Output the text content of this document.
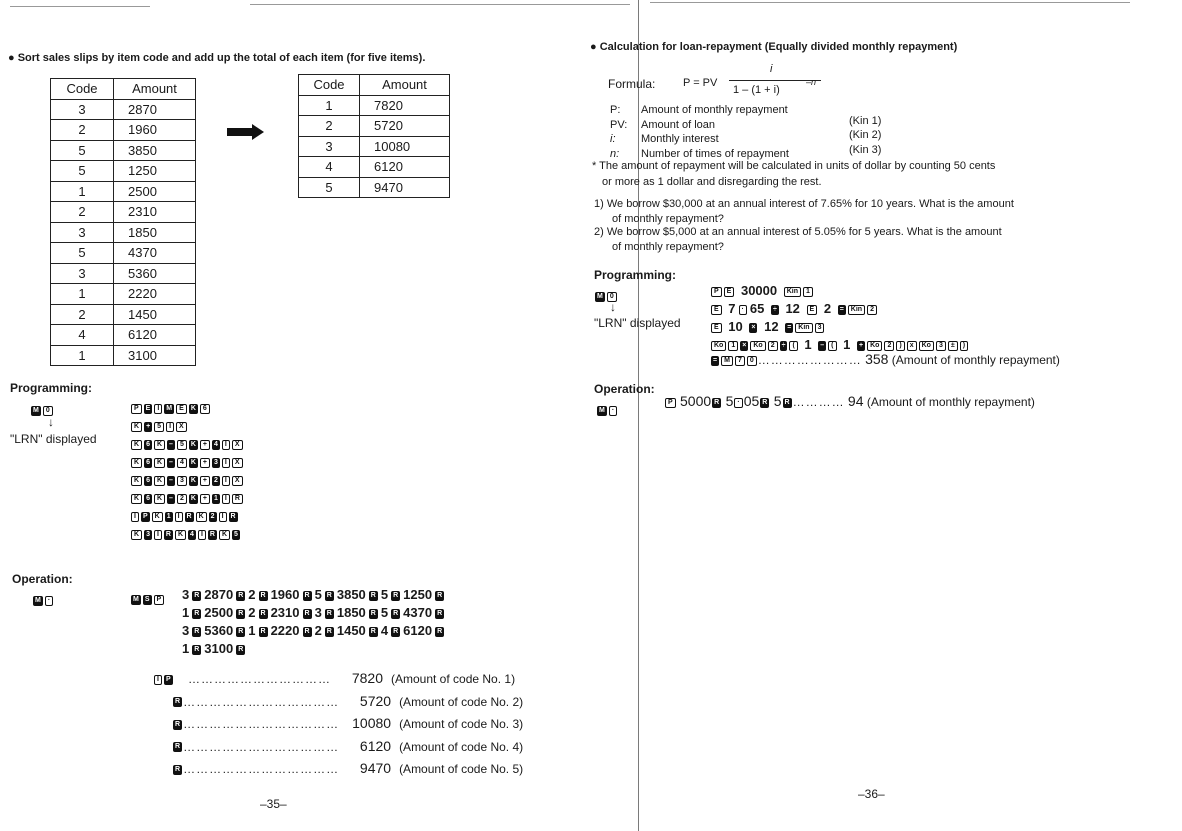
● Sort sales slips by item code and add up the total of each item (for five items).
Code	Amount
3	2870
2	1960
5	3850
5	1250
1	2500
2	2310
3	1850
5	4370
3	5360
1	2220
2	1450
4	6120
1	3100
Code	Amount
1	7820
2	5720
3	10080
4	6120
5	9470
Programming:
M 0
↓
"LRN" displayed
P E I M E K 6
K + 5 I X
K 6 K – 5 K + 4 I X
K 6 K – 4 K + 3 I X
K 6 K – 3 K + 2 I X
K 6 K – 2 K + 1 I R
I P K 1 I R K 2 I R
K 3 I R K 4 I R K 5
Operation:
M ·	M S P	3 R 2870 R 2 R 1960 R 5 R 3850 R 5 R 1250 R
1 R 2500 R 2 R 2310 R 3 R 1850 R 5 R 4370 R
3 R 5360 R 1 R 2220 R 2 R 1450 R 4 R 6120 R
1 R 3100 R
I P …………………………… 7820 (Amount of code No. 1)
R ……………………………… 5720 (Amount of code No. 2)
R ……………………………… 10080 (Amount of code No. 3)
R ……………………………… 6120 (Amount of code No. 4)
R ……………………………… 9470 (Amount of code No. 5)
–35–
● Calculation for loan-repayment (Equally divided monthly repayment)
Formula:	P = PV
i
1 – (1 + i)
–n
P: Amount of monthly repayment
PV: Amount of loan	(Kin 1)
i: Monthly interest	(Kin 2)
n: Number of times of repayment	(Kin 3)
* The amount of repayment will be calculated in units of dollar by counting 50 cents
or more as 1 dollar and disregarding the rest.
1) We borrow $30,000 at an annual interest of 7.65% for 10 years. What is the amount
of monthly repayment?
2) We borrow $5,000 at an annual interest of 5.05% for 5 years. What is the amount
of monthly repayment?
Programming:
M 0
↓
"LRN" displayed
P E 30000 Kin 1
E 7 · 65 ÷ 12 E 2 = Kin 2
E 10 × 12 = Kin 3
Ko 1 × Ko 2 ÷ ( 1 – ( 1 + Ko 2 ) x Ko 3 ± )
= M 7 0 …………………… 358 (Amount of monthly repayment)
Operation:
M ·
P 5000 R 5 · 05 R 5 R ………… 94 (Amount of monthly repayment)
–36–
